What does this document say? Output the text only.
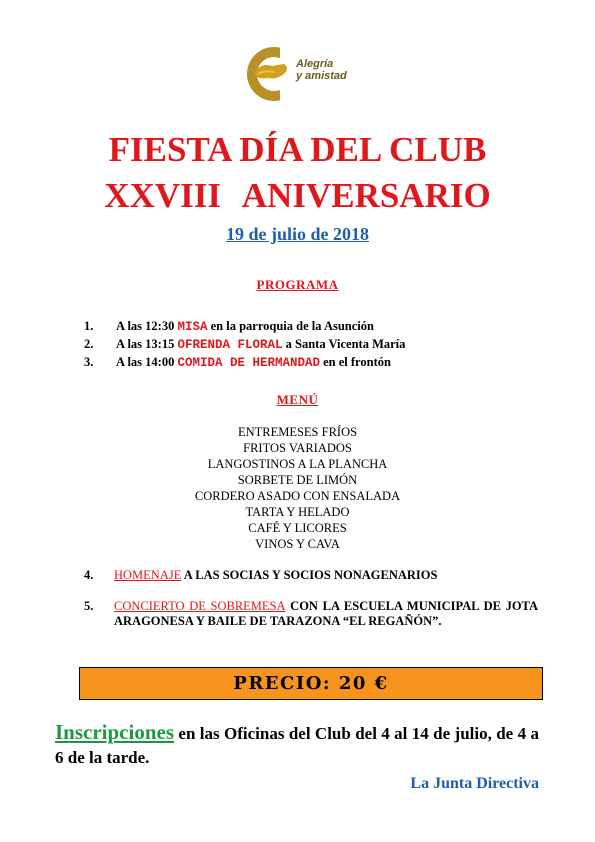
Alegría
y amistad
FIESTA DÍA DEL CLUB
XXVIII ANIVERSARIO
19 de julio de 2018
PROGRAMA
1. A las 12:30 MISA en la parroquia de la Asunción
2. A las 13:15 OFRENDA FLORAL a Santa Vicenta María
3. A las 14:00 COMIDA DE HERMANDAD en el frontón
MENÚ
ENTREMESES FRÍOS
FRITOS VARIADOS
LANGOSTINOS A LA PLANCHA
SORBETE DE LIMÓN
CORDERO ASADO CON ENSALADA
TARTA Y HELADO
CAFÉ Y LICORES
VINOS Y CAVA
4. HOMENAJE A LAS SOCIAS Y SOCIOS NONAGENARIOS
5.	CONCIERTO DE SOBREMESA CON LA ESCUELA MUNICIPAL DE JOTA ARAGONESA Y BAILE DE TARAZONA “EL REGAÑÓN”.
PRECIO: 20 €
Inscripciones en las Oficinas del Club del 4 al 14 de julio, de 4 a 6 de la tarde.
La Junta Directiva
